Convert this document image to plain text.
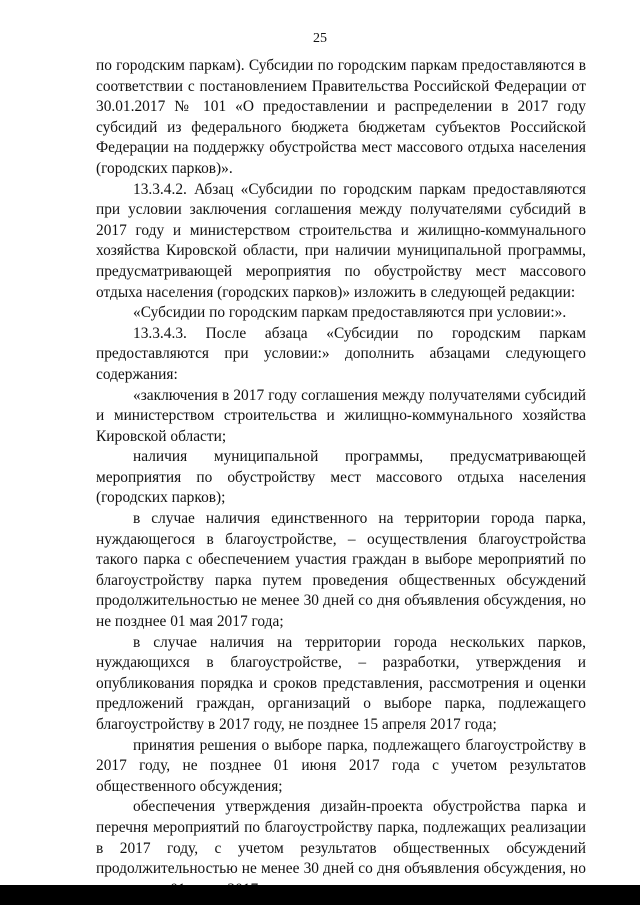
25

по городским паркам). Субсидии по городским паркам предоставляются в соответствии с постановлением Правительства Российской Федерации от 30.01.2017 № 101 «О предоставлении и распределении в 2017 году субсидий из федерального бюджета бюджетам субъектов Российской Федерации на поддержку обустройства мест массового отдыха населения (городских парков)».

13.3.4.2. Абзац «Субсидии по городским паркам предоставляются при условии заключения соглашения между получателями субсидий в 2017 году и министерством строительства и жилищно-коммунального хозяйства Кировской области, при наличии муниципальной программы, предусматривающей мероприятия по обустройству мест массового отдыха населения (городских парков)» изложить в следующей редакции:

«Субсидии по городским паркам предоставляются при условии:».

13.3.4.3. После абзаца «Субсидии по городским паркам предоставляются при условии:» дополнить абзацами следующего содержания:

«заключения в 2017 году соглашения между получателями субсидий и министерством строительства и жилищно-коммунального хозяйства Кировской области;

наличия муниципальной программы, предусматривающей мероприятия по обустройству мест массового отдыха населения (городских парков);

в случае наличия единственного на территории города парка, нуждающегося в благоустройстве, – осуществления благоустройства такого парка с обеспечением участия граждан в выборе мероприятий по благоустройству парка путем проведения общественных обсуждений продолжительностью не менее 30 дней со дня объявления обсуждения, но не позднее 01 мая 2017 года;

в случае наличия на территории города нескольких парков, нуждающихся в благоустройстве, – разработки, утверждения и опубликования порядка и сроков представления, рассмотрения и оценки предложений граждан, организаций о выборе парка, подлежащего благоустройству в 2017 году, не позднее 15 апреля 2017 года;

принятия решения о выборе парка, подлежащего благоустройству в 2017 году, не позднее 01 июня 2017 года с учетом результатов общественного обсуждения;

обеспечения утверждения дизайн-проекта обустройства парка и перечня мероприятий по благоустройству парка, подлежащих реализации в 2017 году, с учетом результатов общественных обсуждений продолжительностью не менее 30 дней со дня объявления обсуждения, но
